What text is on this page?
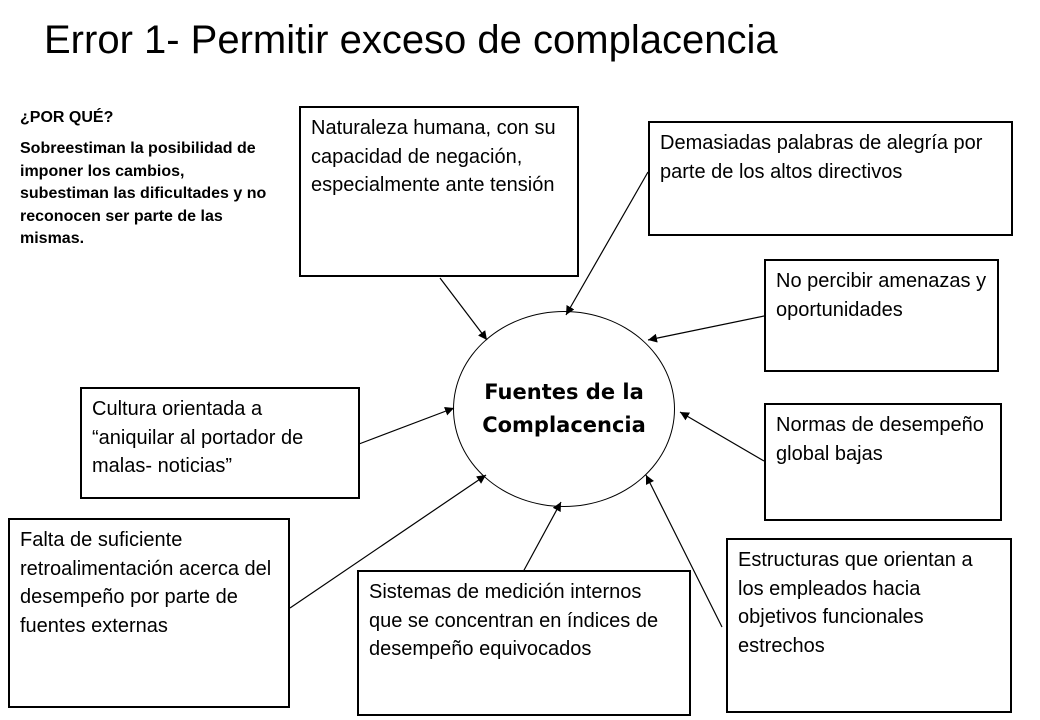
Error 1- Permitir exceso de complacencia
¿POR QUÉ?
Sobreestiman la posibilidad de imponer los cambios, subestiman las dificultades y no reconocen ser parte de las mismas.
Fuentes de la
Complacencia
Naturaleza humana, con su capacidad de negación, especialmente ante tensión
Demasiadas palabras de alegría por parte de los altos directivos
No percibir amenazas y oportunidades
Cultura orientada a “aniquilar al portador de malas- noticias”
Normas de desempeño global bajas
Falta de suficiente retroalimentación acerca del desempeño por parte de fuentes externas
Sistemas de medición internos que se concentran en índices de desempeño equivocados
Estructuras que orientan a los empleados hacia objetivos funcionales estrechos
